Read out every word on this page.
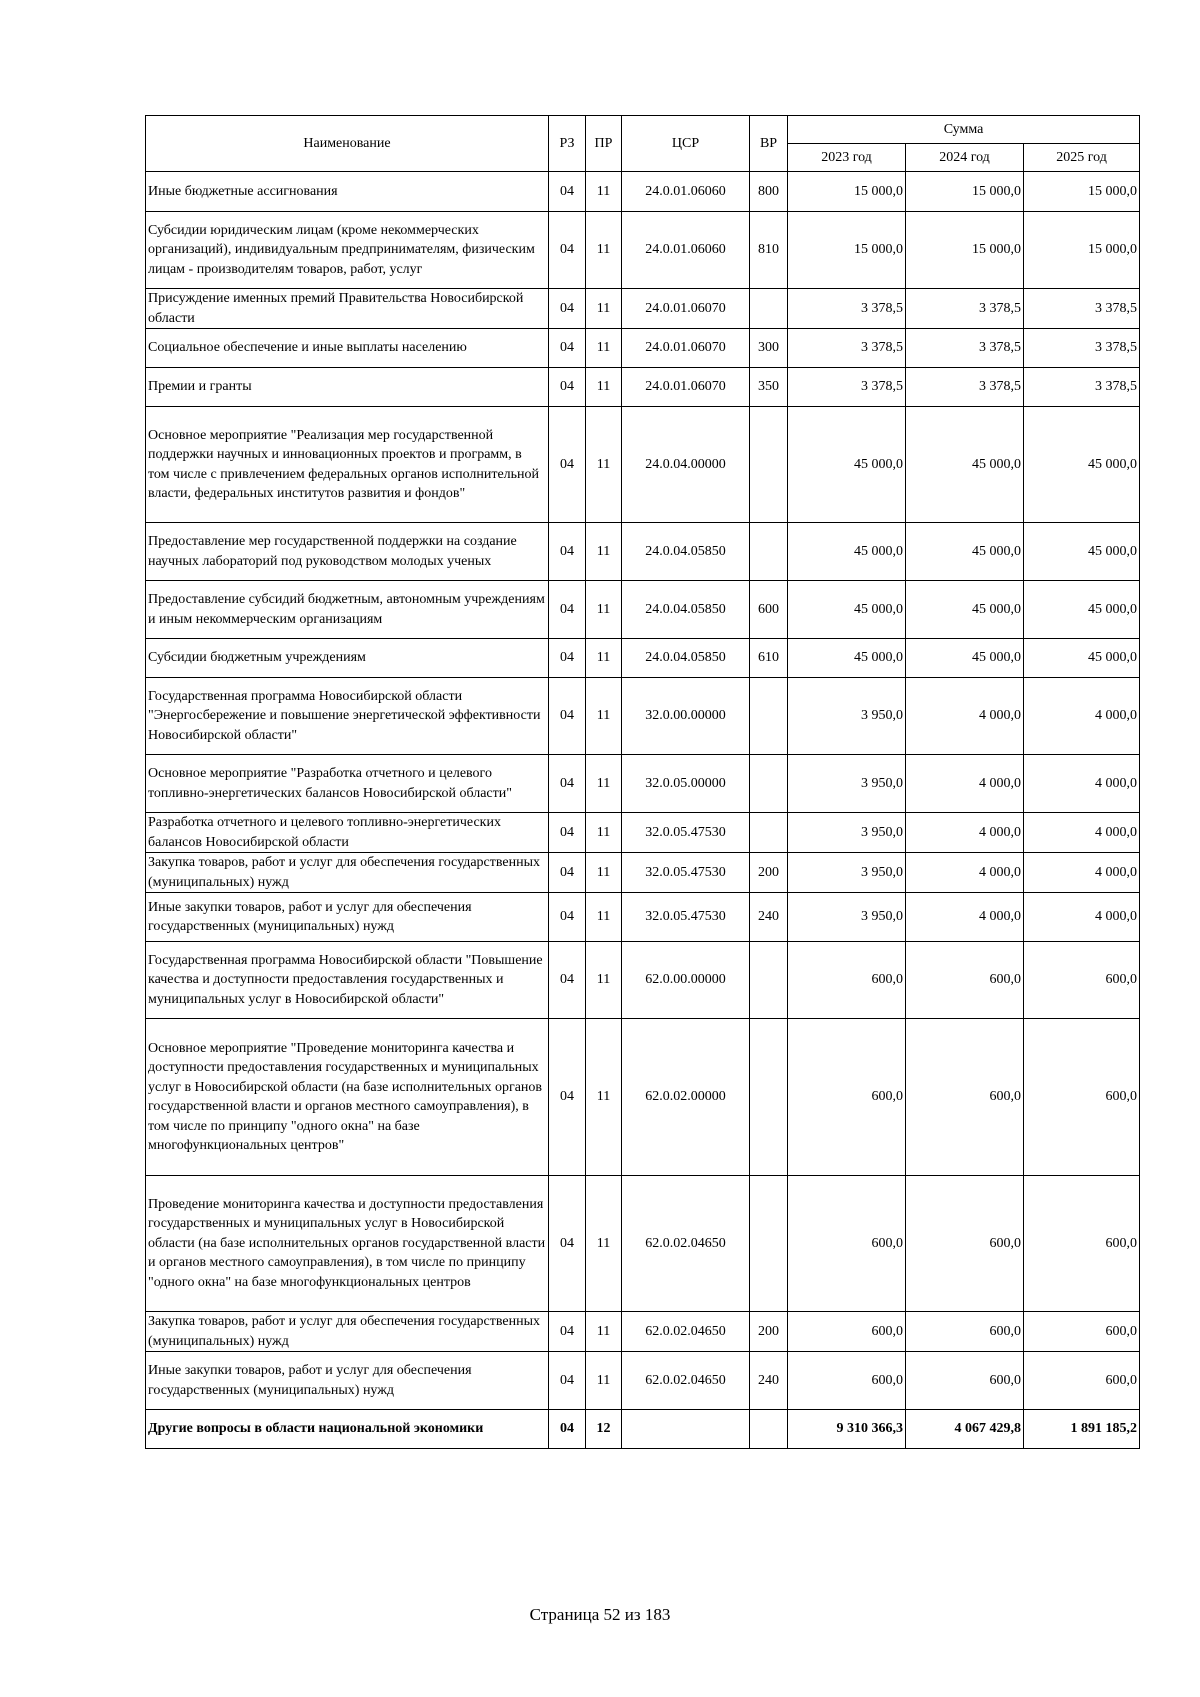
Наименование	РЗ	ПР	ЦСР	ВР	Сумма		
					2023 год	2024 год	2025 год
Иные бюджетные ассигнования	04	11	24.0.01.06060	800	15 000,0	15 000,0	15 000,0
Субсидии юридическим лицам (кроме некоммерческих организаций), индивидуальным предпринимателям, физическим лицам - производителям товаров, работ, услуг	04	11	24.0.01.06060	810	15 000,0	15 000,0	15 000,0
Присуждение именных премий Правительства Новосибирской области	04	11	24.0.01.06070		3 378,5	3 378,5	3 378,5
Социальное обеспечение и иные выплаты населению	04	11	24.0.01.06070	300	3 378,5	3 378,5	3 378,5
Премии и гранты	04	11	24.0.01.06070	350	3 378,5	3 378,5	3 378,5
Основное мероприятие "Реализация мер государственной поддержки научных и инновационных проектов и программ, в том числе с привлечением федеральных органов исполнительной власти, федеральных институтов развития и фондов"	04	11	24.0.04.00000		45 000,0	45 000,0	45 000,0
Предоставление мер государственной поддержки на создание научных лабораторий под руководством молодых ученых	04	11	24.0.04.05850		45 000,0	45 000,0	45 000,0
Предоставление субсидий бюджетным, автономным учреждениям и иным некоммерческим организациям	04	11	24.0.04.05850	600	45 000,0	45 000,0	45 000,0
Субсидии бюджетным учреждениям	04	11	24.0.04.05850	610	45 000,0	45 000,0	45 000,0
Государственная программа Новосибирской области "Энергосбережение и повышение энергетической эффективности Новосибирской области"	04	11	32.0.00.00000		3 950,0	4 000,0	4 000,0
Основное мероприятие "Разработка отчетного и целевого топливно-энергетических балансов Новосибирской области"	04	11	32.0.05.00000		3 950,0	4 000,0	4 000,0
Разработка отчетного и целевого топливно-энергетических балансов Новосибирской области	04	11	32.0.05.47530		3 950,0	4 000,0	4 000,0
Закупка товаров, работ и услуг для обеспечения государственных (муниципальных) нужд	04	11	32.0.05.47530	200	3 950,0	4 000,0	4 000,0
Иные закупки товаров, работ и услуг для обеспечения государственных (муниципальных) нужд	04	11	32.0.05.47530	240	3 950,0	4 000,0	4 000,0
Государственная программа Новосибирской области "Повышение качества и доступности предоставления государственных и муниципальных услуг в Новосибирской области"	04	11	62.0.00.00000		600,0	600,0	600,0
Основное мероприятие "Проведение мониторинга качества и доступности предоставления государственных и муниципальных услуг в Новосибирской области (на базе исполнительных органов государственной власти и органов местного самоуправления), в том числе по принципу "одного окна" на базе многофункциональных центров"	04	11	62.0.02.00000		600,0	600,0	600,0
Проведение мониторинга качества и доступности предоставления государственных и муниципальных услуг в Новосибирской области (на базе исполнительных органов государственной власти и органов местного самоуправления), в том числе по принципу "одного окна" на базе многофункциональных центров	04	11	62.0.02.04650		600,0	600,0	600,0
Закупка товаров, работ и услуг для обеспечения государственных (муниципальных) нужд	04	11	62.0.02.04650	200	600,0	600,0	600,0
Иные закупки товаров, работ и услуг для обеспечения государственных (муниципальных) нужд	04	11	62.0.02.04650	240	600,0	600,0	600,0
Другие вопросы в области национальной экономики	04	12			9 310 366,3	4 067 429,8	1 891 185,2
Страница 52 из 183
